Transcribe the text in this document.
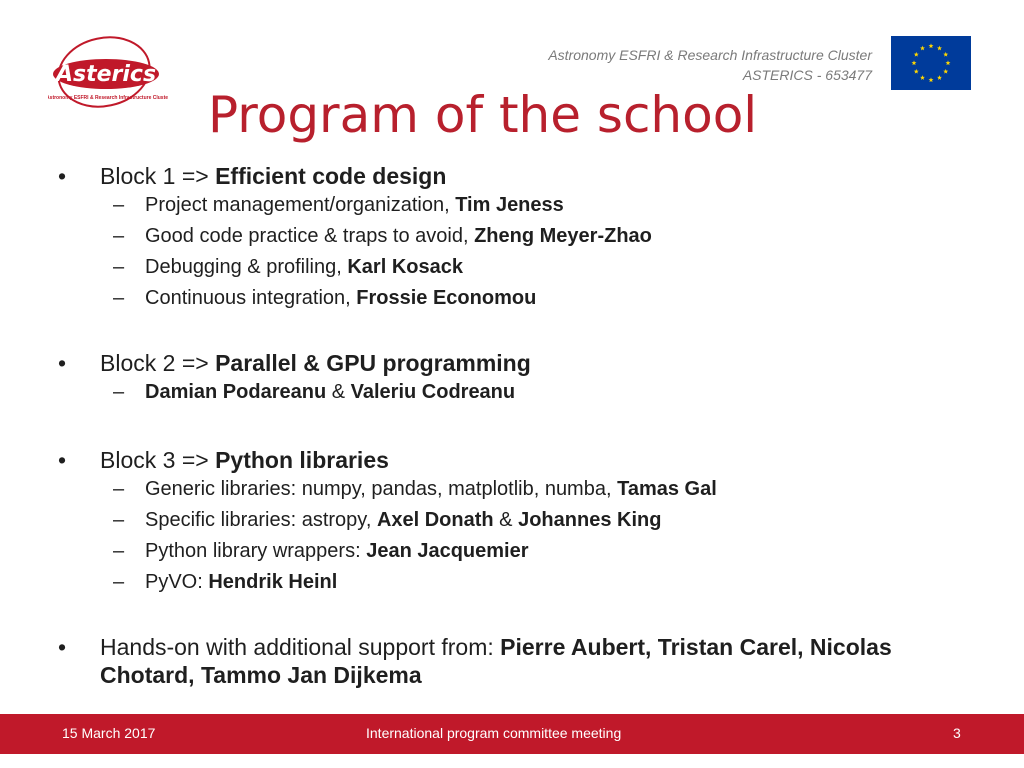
Asterics
Astronomy ESFRI & Research Infrastructure Cluster
Astronomy ESFRI & Research Infrastructure Cluster
ASTERICS - 653477
Program of the school
•	Block 1 => Efficient code design
– Project management/organization, Tim Jeness
– Good code practice & traps to avoid, Zheng Meyer-Zhao
– Debugging & profiling, Karl Kosack
– Continuous integration, Frossie Economou
•	Block 2 => Parallel & GPU programming
– Damian Podareanu & Valeriu Codreanu
•	Block 3 => Python libraries
– Generic libraries: numpy, pandas, matplotlib, numba, Tamas Gal
– Specific libraries: astropy, Axel Donath & Johannes King
– Python library wrappers: Jean Jacquemier
– PyVO: Hendrik Heinl
•	Hands-on with additional support from: Pierre Aubert, Tristan Carel, Nicolas Chotard, Tammo Jan Dijkema
15 March 2017	International program committee meeting	3
